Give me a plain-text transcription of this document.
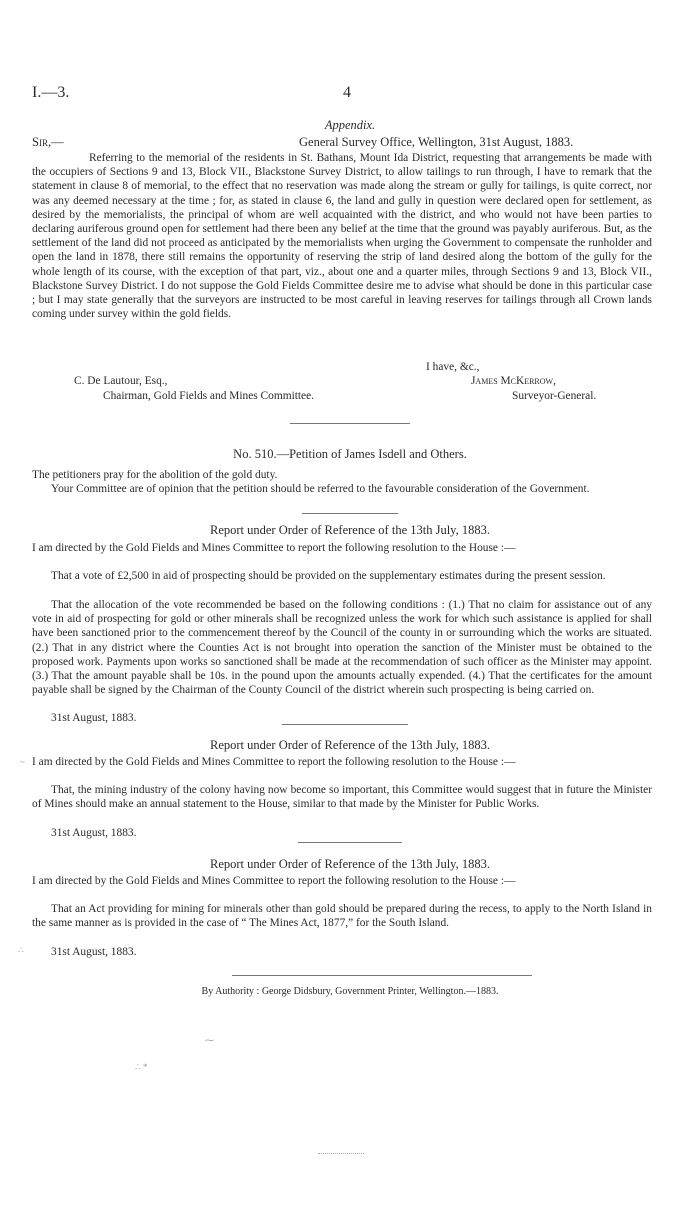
I.—3.	4
Appendix.
Sir,—	General Survey Office, Wellington, 31st August, 1883.
Referring to the memorial of the residents in St. Bathans, Mount Ida District, requesting that arrangements be made with the occupiers of Sections 9 and 13, Block VII., Blackstone Survey District, to allow tailings to run through, I have to remark that the statement in clause 8 of memorial, to the effect that no reservation was made along the stream or gully for tailings, is quite correct, nor was any deemed necessary at the time ; for, as stated in clause 6, the land and gully in question were declared open for settlement, as desired by the memorialists, the principal of whom are well acquainted with the district, and who would not have been parties to declaring auriferous ground open for settlement had there been any belief at the time that the ground was payably auriferous. But, as the settlement of the land did not proceed as anticipated by the memorialists when urging the Government to compensate the runholder and open the land in 1878, there still remains the opportunity of reserving the strip of land desired along the bottom of the gully for the whole length of its course, with the exception of that part, viz., about one and a quarter miles, through Sections 9 and 13, Block VII., Blackstone Survey District. I do not suppose the Gold Fields Committee desire me to advise what should be done in this particular case ; but I may state generally that the surveyors are instructed to be most careful in leaving reserves for tailings through all Crown lands coming under survey within the gold fields.
I have, &c.,
C. De Lautour, Esq.,	James McKerrow,
Chairman, Gold Fields and Mines Committee.	Surveyor-General.
No. 510.—Petition of James Isdell and Others.
The petitioners pray for the abolition of the gold duty.
Your Committee are of opinion that the petition should be referred to the favourable consideration of the Government.
Report under Order of Reference of the 13th July, 1883.
I am directed by the Gold Fields and Mines Committee to report the following resolution to the House :—
That a vote of £2,500 in aid of prospecting should be provided on the supplementary estimates during the present session.
That the allocation of the vote recommended be based on the following conditions : (1.) That no claim for assistance out of any vote in aid of prospecting for gold or other minerals shall be recognized unless the work for which such assistance is applied for shall have been sanctioned prior to the commencement thereof by the Council of the county in or surrounding which the works are situated. (2.) That in any district where the Counties Act is not brought into operation the sanction of the Minister must be obtained to the proposed work. Payments upon works so sanctioned shall be made at the recommendation of such officer as the Minister may appoint. (3.) That the amount payable shall be 10s. in the pound upon the amounts actually expended. (4.) That the certificates for the amount payable shall be signed by the Chairman of the County Council of the district wherein such prospecting is being carried on.
31st August, 1883.
Report under Order of Reference of the 13th July, 1883.
I am directed by the Gold Fields and Mines Committee to report the following resolution to the House :—
That, the mining industry of the colony having now become so important, this Committee would suggest that in future the Minister of Mines should make an annual statement to the House, similar to that made by the Minister for Public Works.
31st August, 1883.
Report under Order of Reference of the 13th July, 1883.
I am directed by the Gold Fields and Mines Committee to report the following resolution to the House :—
That an Act providing for mining for minerals other than gold should be prepared during the recess, to apply to the North Island in the same manner as is provided in the case of “ The Mines Act, 1877,” for the South Island.
31st August, 1883.
By Authority : George Didsbury, Government Printer, Wellington.—1883.
~
∴
⁓
∴ *
